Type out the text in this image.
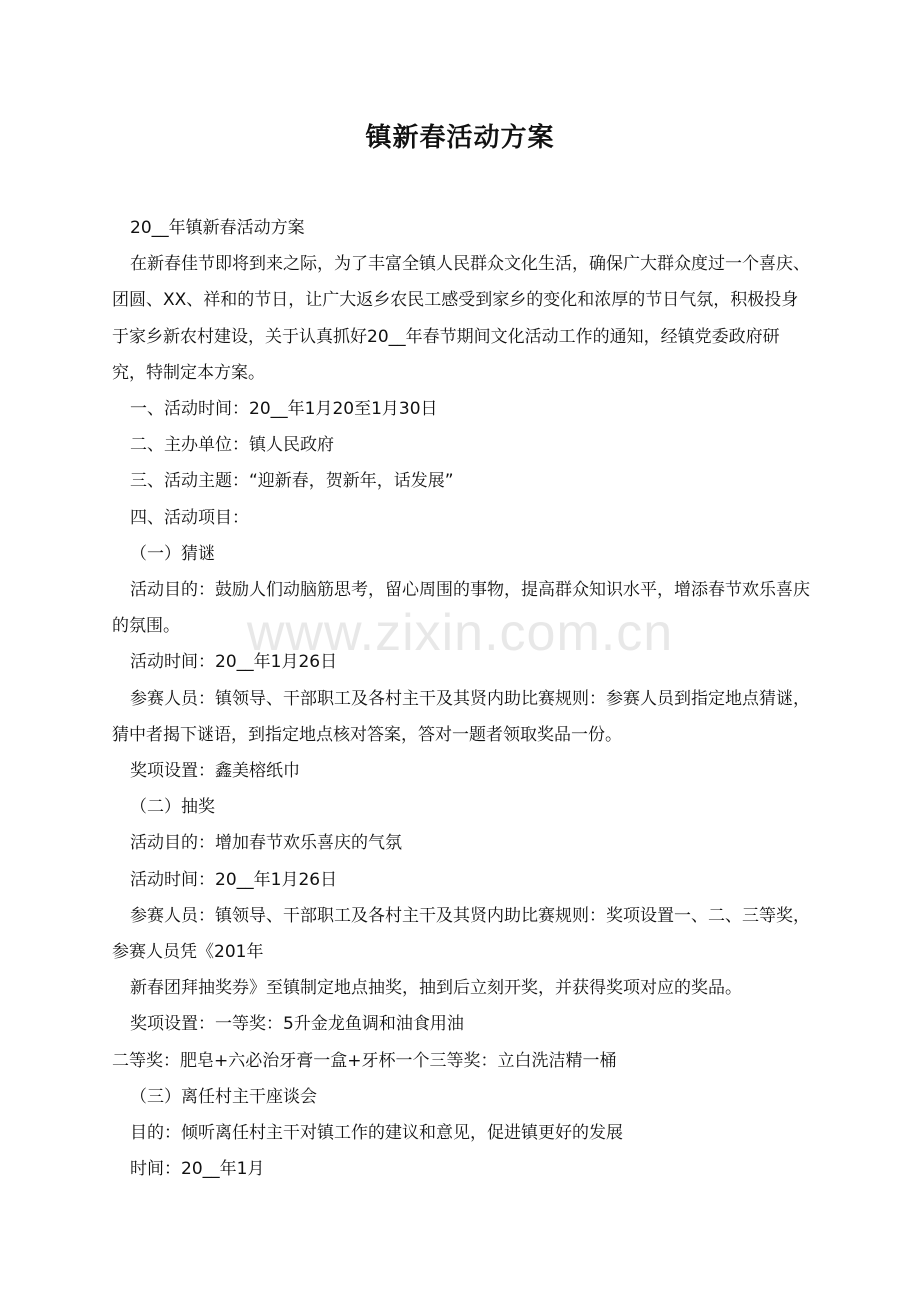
镇新春活动方案

20__年镇新春活动方案

在新春佳节即将到来之际，为了丰富全镇人民群众文化生活，确保广大群众度过一个喜庆、团圆、XX、祥和的节日，让广大返乡农民工感受到家乡的变化和浓厚的节日气氛，积极投身于家乡新农村建设，关于认真抓好20__年春节期间文化活动工作的通知，经镇党委政府研究，特制定本方案。

一、活动时间：20__年1月20至1月30日

二、主办单位：镇人民政府

三、活动主题：“迎新春，贺新年，话发展”

四、活动项目：

（一）猜谜

活动目的：鼓励人们动脑筋思考，留心周围的事物，提高群众知识水平，增添春节欢乐喜庆的氛围。

活动时间：20__年1月26日

参赛人员：镇领导、干部职工及各村主干及其贤内助比赛规则：参赛人员到指定地点猜谜，猜中者揭下谜语，到指定地点核对答案，答对一题者领取奖品一份。

奖项设置：鑫美榕纸巾

（二）抽奖

活动目的：增加春节欢乐喜庆的气氛

活动时间：20__年1月26日

参赛人员：镇领导、干部职工及各村主干及其贤内助比赛规则：奖项设置一、二、三等奖，参赛人员凭《201年

新春团拜抽奖券》至镇制定地点抽奖，抽到后立刻开奖，并获得奖项对应的奖品。

奖项设置：一等奖：5升金龙鱼调和油食用油

二等奖：肥皂+六必治牙膏一盒+牙杯一个三等奖：立白洗洁精一桶

（三）离任村主干座谈会

目的：倾听离任村主干对镇工作的建议和意见，促进镇更好的发展

时间：20__年1月

www.zixin.com.cn
